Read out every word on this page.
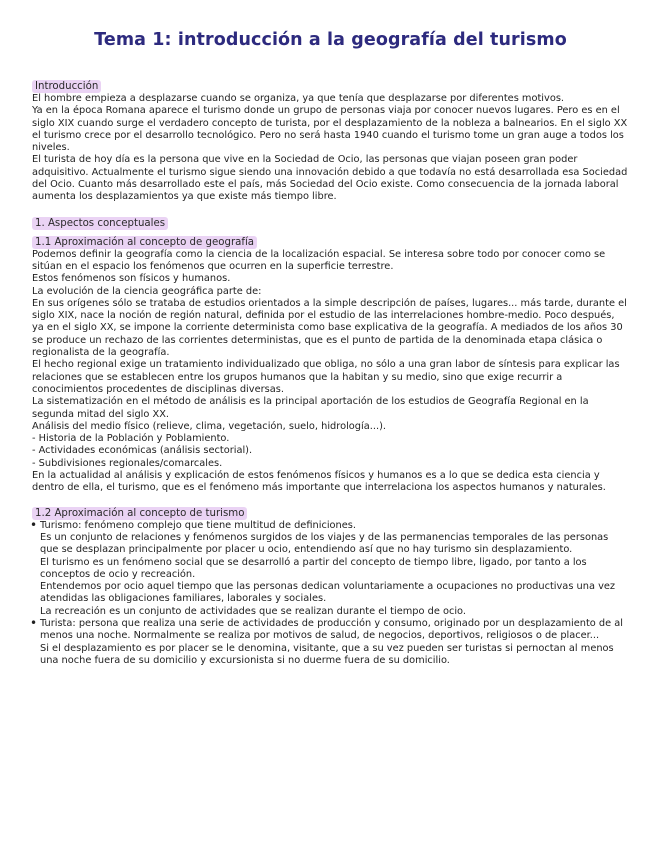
Tema 1: introducción a la geografía del turismo
Introducción
El hombre empieza a desplazarse cuando se organiza, ya que tenía que desplazarse por diferentes motivos.
Ya en la época Romana aparece el turismo donde un grupo de personas viaja por conocer nuevos lugares. Pero es en el siglo XIX cuando surge el verdadero concepto de turista, por el desplazamiento de la nobleza a balnearios. En el siglo XX el turismo crece por el desarrollo tecnológico. Pero no será hasta 1940 cuando el turismo tome un gran auge a todos los niveles.
El turista de hoy día es la persona que vive en la Sociedad de Ocio, las personas que viajan poseen gran poder adquisitivo. Actualmente el turismo sigue siendo una innovación debido a que todavía no está desarrollada esa Sociedad del Ocio. Cuanto más desarrollado este el país, más Sociedad del Ocio existe. Como consecuencia de la jornada laboral aumenta los desplazamientos ya que existe más tiempo libre.
1. Aspectos conceptuales
1.1 Aproximación al concepto de geografía
Podemos definir la geografía como la ciencia de la localización espacial. Se interesa sobre todo por conocer como se sitúan en el espacio los fenómenos que ocurren en la superficie terrestre.
Estos fenómenos son físicos y humanos.
La evolución de la ciencia geográfica parte de:
En sus orígenes sólo se trataba de estudios orientados a la simple descripción de países, lugares... más tarde, durante el siglo XIX, nace la noción de región natural, definida por el estudio de las interrelaciones hombre-medio. Poco después, ya en el siglo XX, se impone la corriente determinista como base explicativa de la geografía. A mediados de los años 30 se produce un rechazo de las corrientes deterministas, que es el punto de partida de la denominada etapa clásica o regionalista de la geografía.
El hecho regional exige un tratamiento individualizado que obliga, no sólo a una gran labor de síntesis para explicar las relaciones que se establecen entre los grupos humanos que la habitan y su medio, sino que exige recurrir a conocimientos procedentes de disciplinas diversas.
La sistematización en el método de análisis es la principal aportación de los estudios de Geografía Regional en la segunda mitad del siglo XX.
Análisis del medio físico (relieve, clima, vegetación, suelo, hidrología...).
- Historia de la Población y Poblamiento.
- Actividades económicas (análisis sectorial).
- Subdivisiones regionales/comarcales.
En la actualidad al análisis y explicación de estos fenómenos físicos y humanos es a lo que se dedica esta ciencia y dentro de ella, el turismo, que es el fenómeno más importante que interrelaciona los aspectos humanos y naturales.
1.2 Aproximación al concepto de turismo
• Turismo: fenómeno complejo que tiene multitud de definiciones.
Es un conjunto de relaciones y fenómenos surgidos de los viajes y de las permanencias temporales de las personas que se desplazan principalmente por placer u ocio, entendiendo así que no hay turismo sin desplazamiento.
El turismo es un fenómeno social que se desarrolló a partir del concepto de tiempo libre, ligado, por tanto a los conceptos de ocio y recreación.
Entendemos por ocio aquel tiempo que las personas dedican voluntariamente a ocupaciones no productivas una vez atendidas las obligaciones familiares, laborales y sociales.
La recreación es un conjunto de actividades que se realizan durante el tiempo de ocio.
• Turista: persona que realiza una serie de actividades de producción y consumo, originado por un desplazamiento de al menos una noche. Normalmente se realiza por motivos de salud, de negocios, deportivos, religiosos o de placer...
Si el desplazamiento es por placer se le denomina, visitante, que a su vez pueden ser turistas si pernoctan al menos una noche fuera de su domicilio y excursionista si no duerme fuera de su domicilio.
